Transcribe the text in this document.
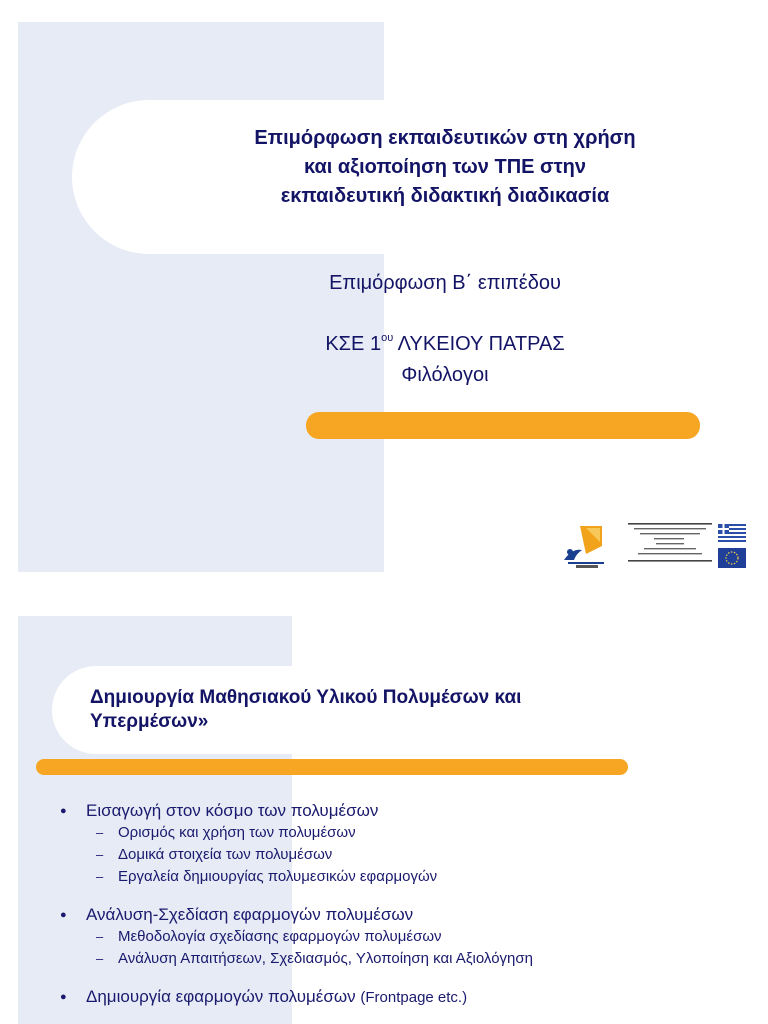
Επιμόρφωση εκπαιδευτικών στη χρήση
και αξιοποίηση των ΤΠΕ στην
εκπαιδευτική διδακτική διαδικασία
Επιμόρφωση Β΄ επιπέδου
ΚΣΕ $1^{o\upsilon}$ ΛΥΚΕΙΟΥ ΠΑΤΡΑΣ
Φιλόλογοι
Δημιουργία Μαθησιακού Υλικού Πολυμέσων και
Υπερμέσων»
● Εισαγωγή στον κόσμο των πολυμέσων
– Ορισμός και χρήση των πολυμέσων
– Δομικά στοιχεία των πολυμέσων
– Εργαλεία δημιουργίας πολυμεσικών εφαρμογών
● Ανάλυση-Σχεδίαση εφαρμογών πολυμέσων
– Μεθοδολογία σχεδίασης εφαρμογών πολυμέσων
– Ανάλυση Απαιτήσεων, Σχεδιασμός, Υλοποίηση και Αξιολόγηση
● Δημιουργία εφαρμογών πολυμέσων (Frontpage etc.)
